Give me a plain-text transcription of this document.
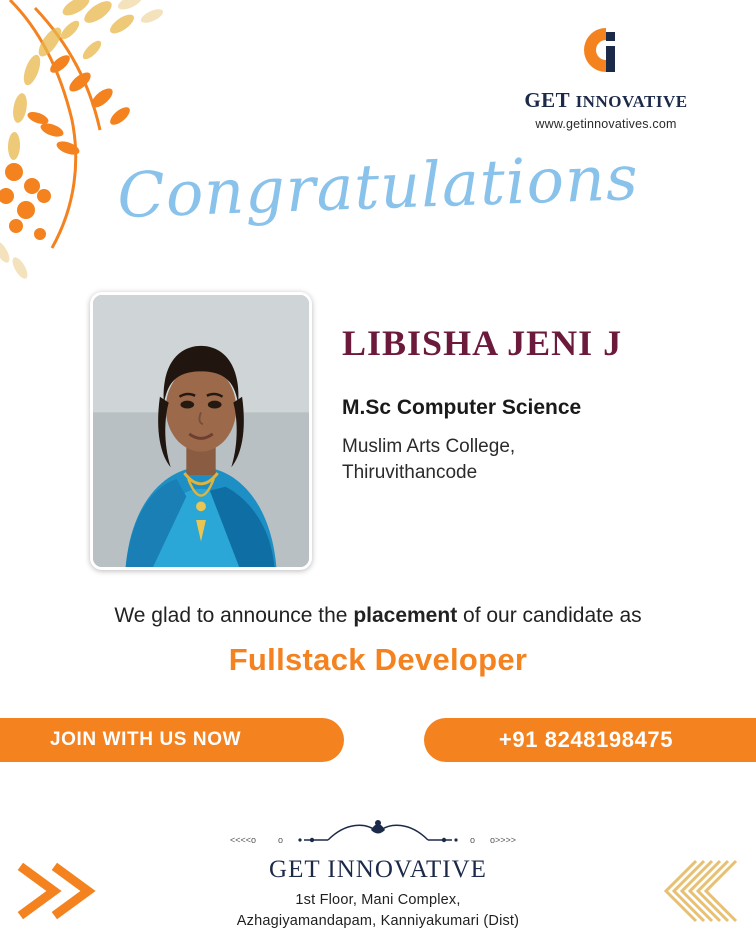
GET INNOVATIVE
www.getinnovatives.com
Congratulations
LIBISHA JENI J
M.Sc Computer Science
Muslim Arts College,
Thiruvithancode
We glad to announce the placement of our candidate as
Fullstack Developer
JOIN WITH US NOW	+91 8248198475
<<<<o o	o o>>>>
GET INNOVATIVE
1st Floor, Mani Complex,
Azhagiyamandapam, Kanniyakumari (Dist)
